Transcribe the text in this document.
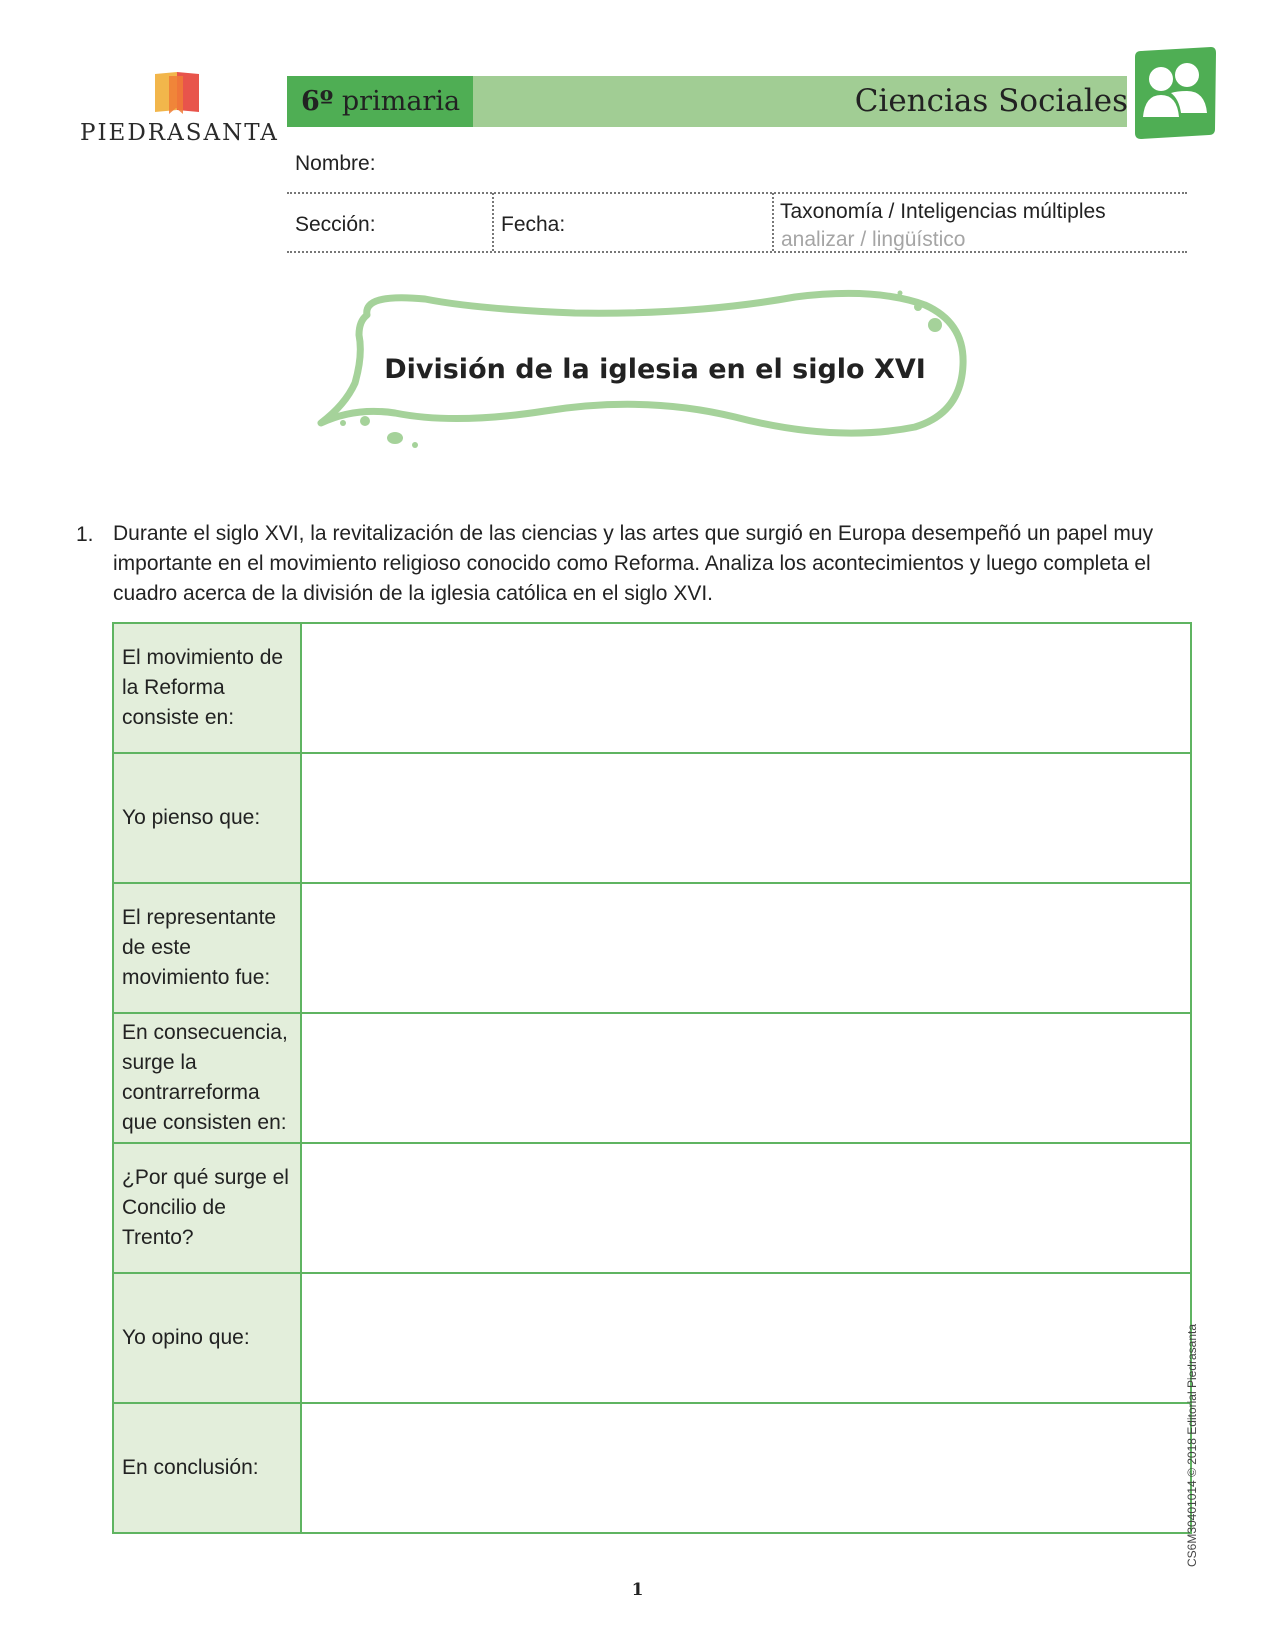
PIEDRASANTA
6º primaria	Ciencias Sociales
Nombre:
Sección:	Fecha:
Taxonomía / Inteligencias múltiples
analizar / lingüístico
División de la iglesia en el siglo XVI
1. Durante el siglo XVI, la revitalización de las ciencias y las artes que surgió en Europa desempeñó un papel muy importante en el movimiento religioso conocido como Reforma. Analiza los acontecimientos y luego completa el cuadro acerca de la división de la iglesia católica en el siglo XVI.
El movimiento de la Reforma consiste en:	
Yo pienso que:	
El representante de este movimiento fue:	
En consecuencia, surge la contrarreforma que consisten en:	
¿Por qué surge el Concilio de Trento?	
Yo opino que:	
En conclusión:		CS6M30401014 © 2018 Editorial Piedrasanta
1
